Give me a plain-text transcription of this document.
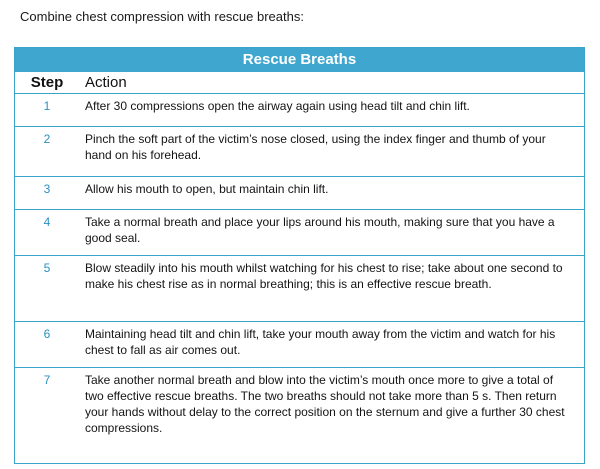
Combine chest compression with rescue breaths:
Rescue Breaths
Step	Action
1	After 30 compressions open the airway again using head tilt and chin lift.
2	Pinch the soft part of the victim’s nose closed, using the index finger and thumb of your hand on his forehead.
3	Allow his mouth to open, but maintain chin lift.
4	Take a normal breath and place your lips around his mouth, making sure that you have a good seal.
5	Blow steadily into his mouth whilst watching for his chest to rise; take about one second to make his chest rise as in normal breathing; this is an effective rescue breath.
6	Maintaining head tilt and chin lift, take your mouth away from the victim and watch for his chest to fall as air comes out.
7	Take another normal breath and blow into the victim’s mouth once more to give a total of two effective rescue breaths. The two breaths should not take more than 5 s. Then return your hands without delay to the correct position on the sternum and give a further 30 chest compressions.
